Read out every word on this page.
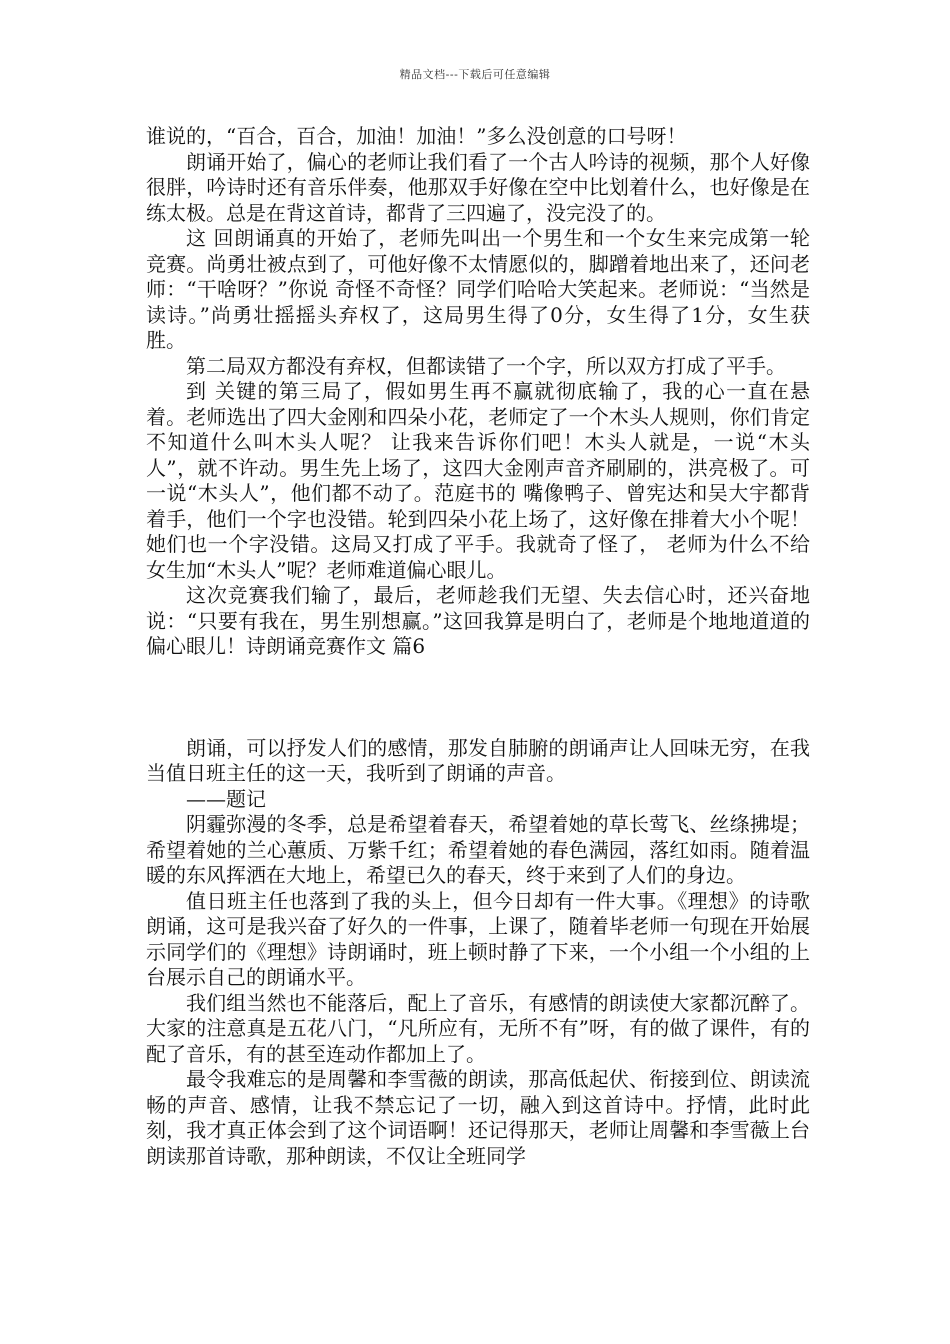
精品文档---下载后可任意编辑

谁说的，“百合，百合，加油！加油！”多么没创意的口号呀！

朗诵开始了，偏心的老师让我们看了一个古人吟诗的视频，那个人好像很胖，吟诗时还有音乐伴奏，他那双手好像在空中比划着什么，也好像是在练太极。总是在背这首诗，都背了三四遍了，没完没了的。

这 回朗诵真的开始了，老师先叫出一个男生和一个女生来完成第一轮竞赛。尚勇壮被点到了，可他好像不太情愿似的，脚蹭着地出来了，还问老师：“干啥呀？”你说 奇怪不奇怪？同学们哈哈大笑起来。老师说：“当然是读诗。”尚勇壮摇摇头弃权了，这局男生得了0分，女生得了1分，女生获胜。

第二局双方都没有弃权，但都读错了一个字，所以双方打成了平手。

到 关键的第三局了，假如男生再不赢就彻底输了，我的心一直在悬着。老师选出了四大金刚和四朵小花，老师定了一个木头人规则，你们肯定不知道什么叫木头人呢？ 让我来告诉你们吧！木头人就是，一说“木头人”，就不许动。男生先上场了，这四大金刚声音齐刷刷的，洪亮极了。可一说“木头人”，他们都不动了。范庭书的 嘴像鸭子、曾宪达和吴大宇都背着手，他们一个字也没错。轮到四朵小花上场了，这好像在排着大小个呢！她们也一个字没错。这局又打成了平手。我就奇了怪了， 老师为什么不给女生加“木头人”呢？老师难道偏心眼儿。

这次竞赛我们输了，最后，老师趁我们无望、失去信心时，还兴奋地说：“只要有我在，男生别想赢。”这回我算是明白了，老师是个地地道道的偏心眼儿！诗朗诵竞赛作文 篇6

朗诵，可以抒发人们的感情，那发自肺腑的朗诵声让人回味无穷，在我当值日班主任的这一天，我听到了朗诵的声音。

——题记

阴霾弥漫的冬季，总是希望着春天，希望着她的草长莺飞、丝绦拂堤；希望着她的兰心蕙质、万紫千红；希望着她的春色满园，落红如雨。随着温暖的东风挥洒在大地上，希望已久的春天，终于来到了人们的身边。

值日班主任也落到了我的头上，但今日却有一件大事。《理想》的诗歌朗诵，这可是我兴奋了好久的一件事，上课了，随着毕老师一句现在开始展示同学们的《理想》诗朗诵时，班上顿时静了下来，一个小组一个小组的上台展示自己的朗诵水平。

我们组当然也不能落后，配上了音乐，有感情的朗读使大家都沉醉了。大家的注意真是五花八门，“凡所应有，无所不有”呀，有的做了课件，有的配了音乐，有的甚至连动作都加上了。

最令我难忘的是周馨和李雪薇的朗读，那高低起伏、衔接到位、朗读流畅的声音、感情，让我不禁忘记了一切，融入到这首诗中。抒情，此时此刻，我才真正体会到了这个词语啊！还记得那天，老师让周馨和李雪薇上台朗读那首诗歌，那种朗读，不仅让全班同学
